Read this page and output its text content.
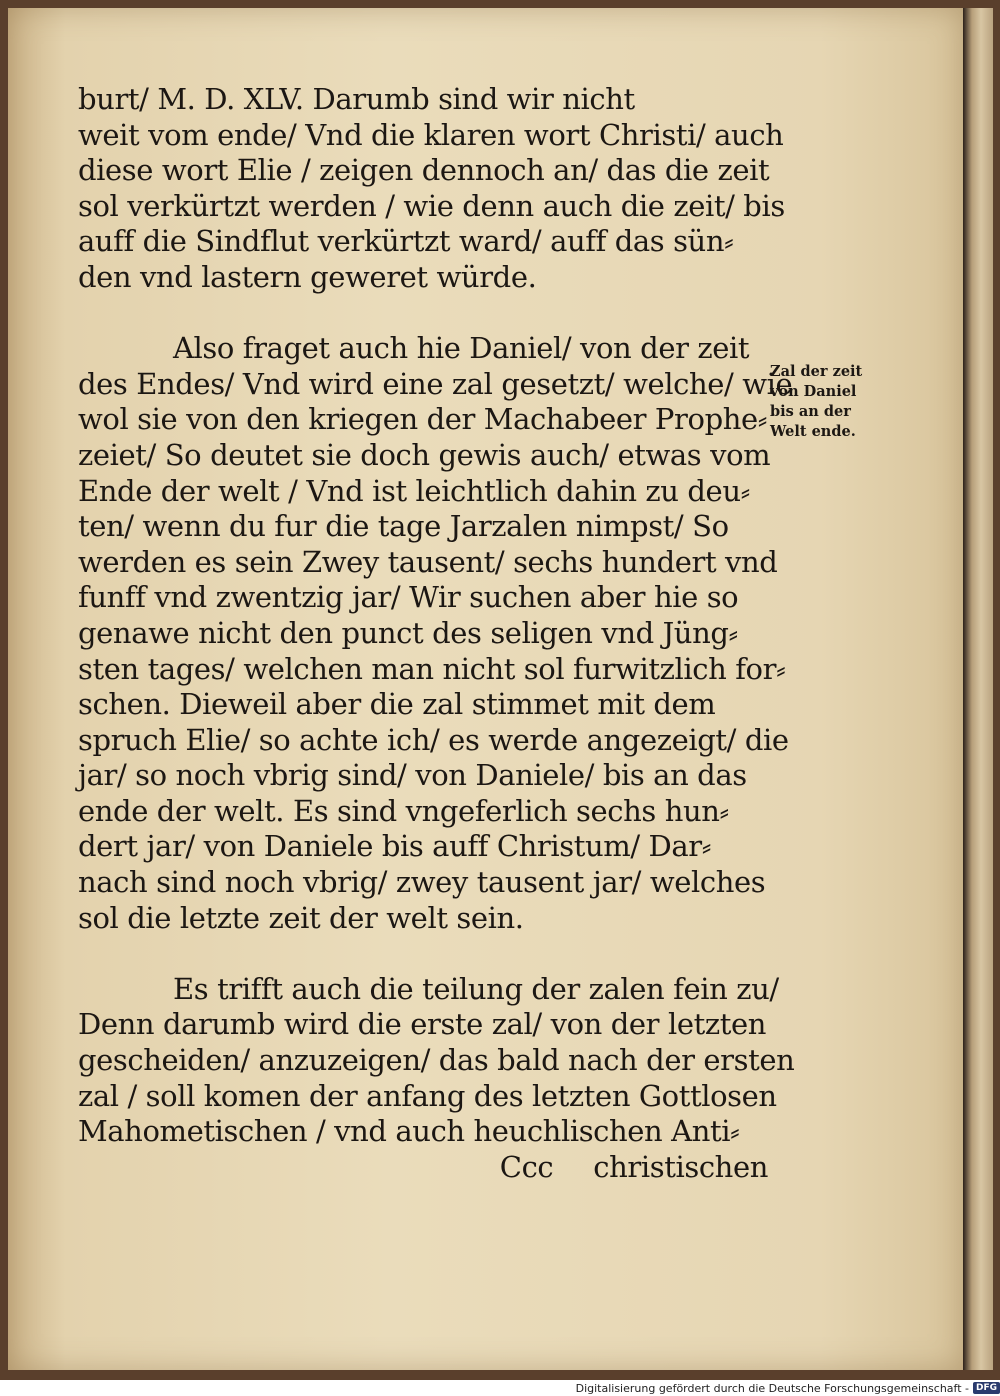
burt/ M. D. XLV. Darumb sind wir nicht
weit vom ende/ Vnd die klaren wort Christi/ auch
diese wort Elie / zeigen dennoch an/ das die zeit
sol verkürtzt werden / wie denn auch die zeit/ bis
auff die Sindflut verkürtzt ward/ auff das sün⸗
den vnd lastern geweret würde.
Also fraget auch hie Daniel/ von der zeit
des Endes/ Vnd wird eine zal gesetzt/ welche/ wie
wol sie von den kriegen der Machabeer Prophe⸗
zeiet/ So deutet sie doch gewis auch/ etwas vom
Ende der welt / Vnd ist leichtlich dahin zu deu⸗
ten/ wenn du fur die tage Jarzalen nimpst/ So
werden es sein Zwey tausent/ sechs hundert vnd
funff vnd zwentzig jar/ Wir suchen aber hie so
genawe nicht den punct des seligen vnd Jüng⸗
sten tages/ welchen man nicht sol furwitzlich for⸗
schen. Dieweil aber die zal stimmet mit dem
spruch Elie/ so achte ich/ es werde angezeigt/ die
jar/ so noch vbrig sind/ von Daniele/ bis an das
ende der welt. Es sind vngeferlich sechs hun⸗
dert jar/ von Daniele bis auff Christum/ Dar⸗
nach sind noch vbrig/ zwey tausent jar/ welches
sol die letzte zeit der welt sein.
Es trifft auch die teilung der zalen fein zu/
Denn darumb wird die erste zal/ von der letzten
gescheiden/ anzuzeigen/ das bald nach der ersten
zal / soll komen der anfang des letzten Gottlosen
Mahometischen / vnd auch heuchlischen Anti⸗
Ccc christischen
Zal der zeit
von Daniel
bis an der
Welt ende.
Digitalisierung gefördert durch die Deutsche Forschungsgemeinschaft - DFG
